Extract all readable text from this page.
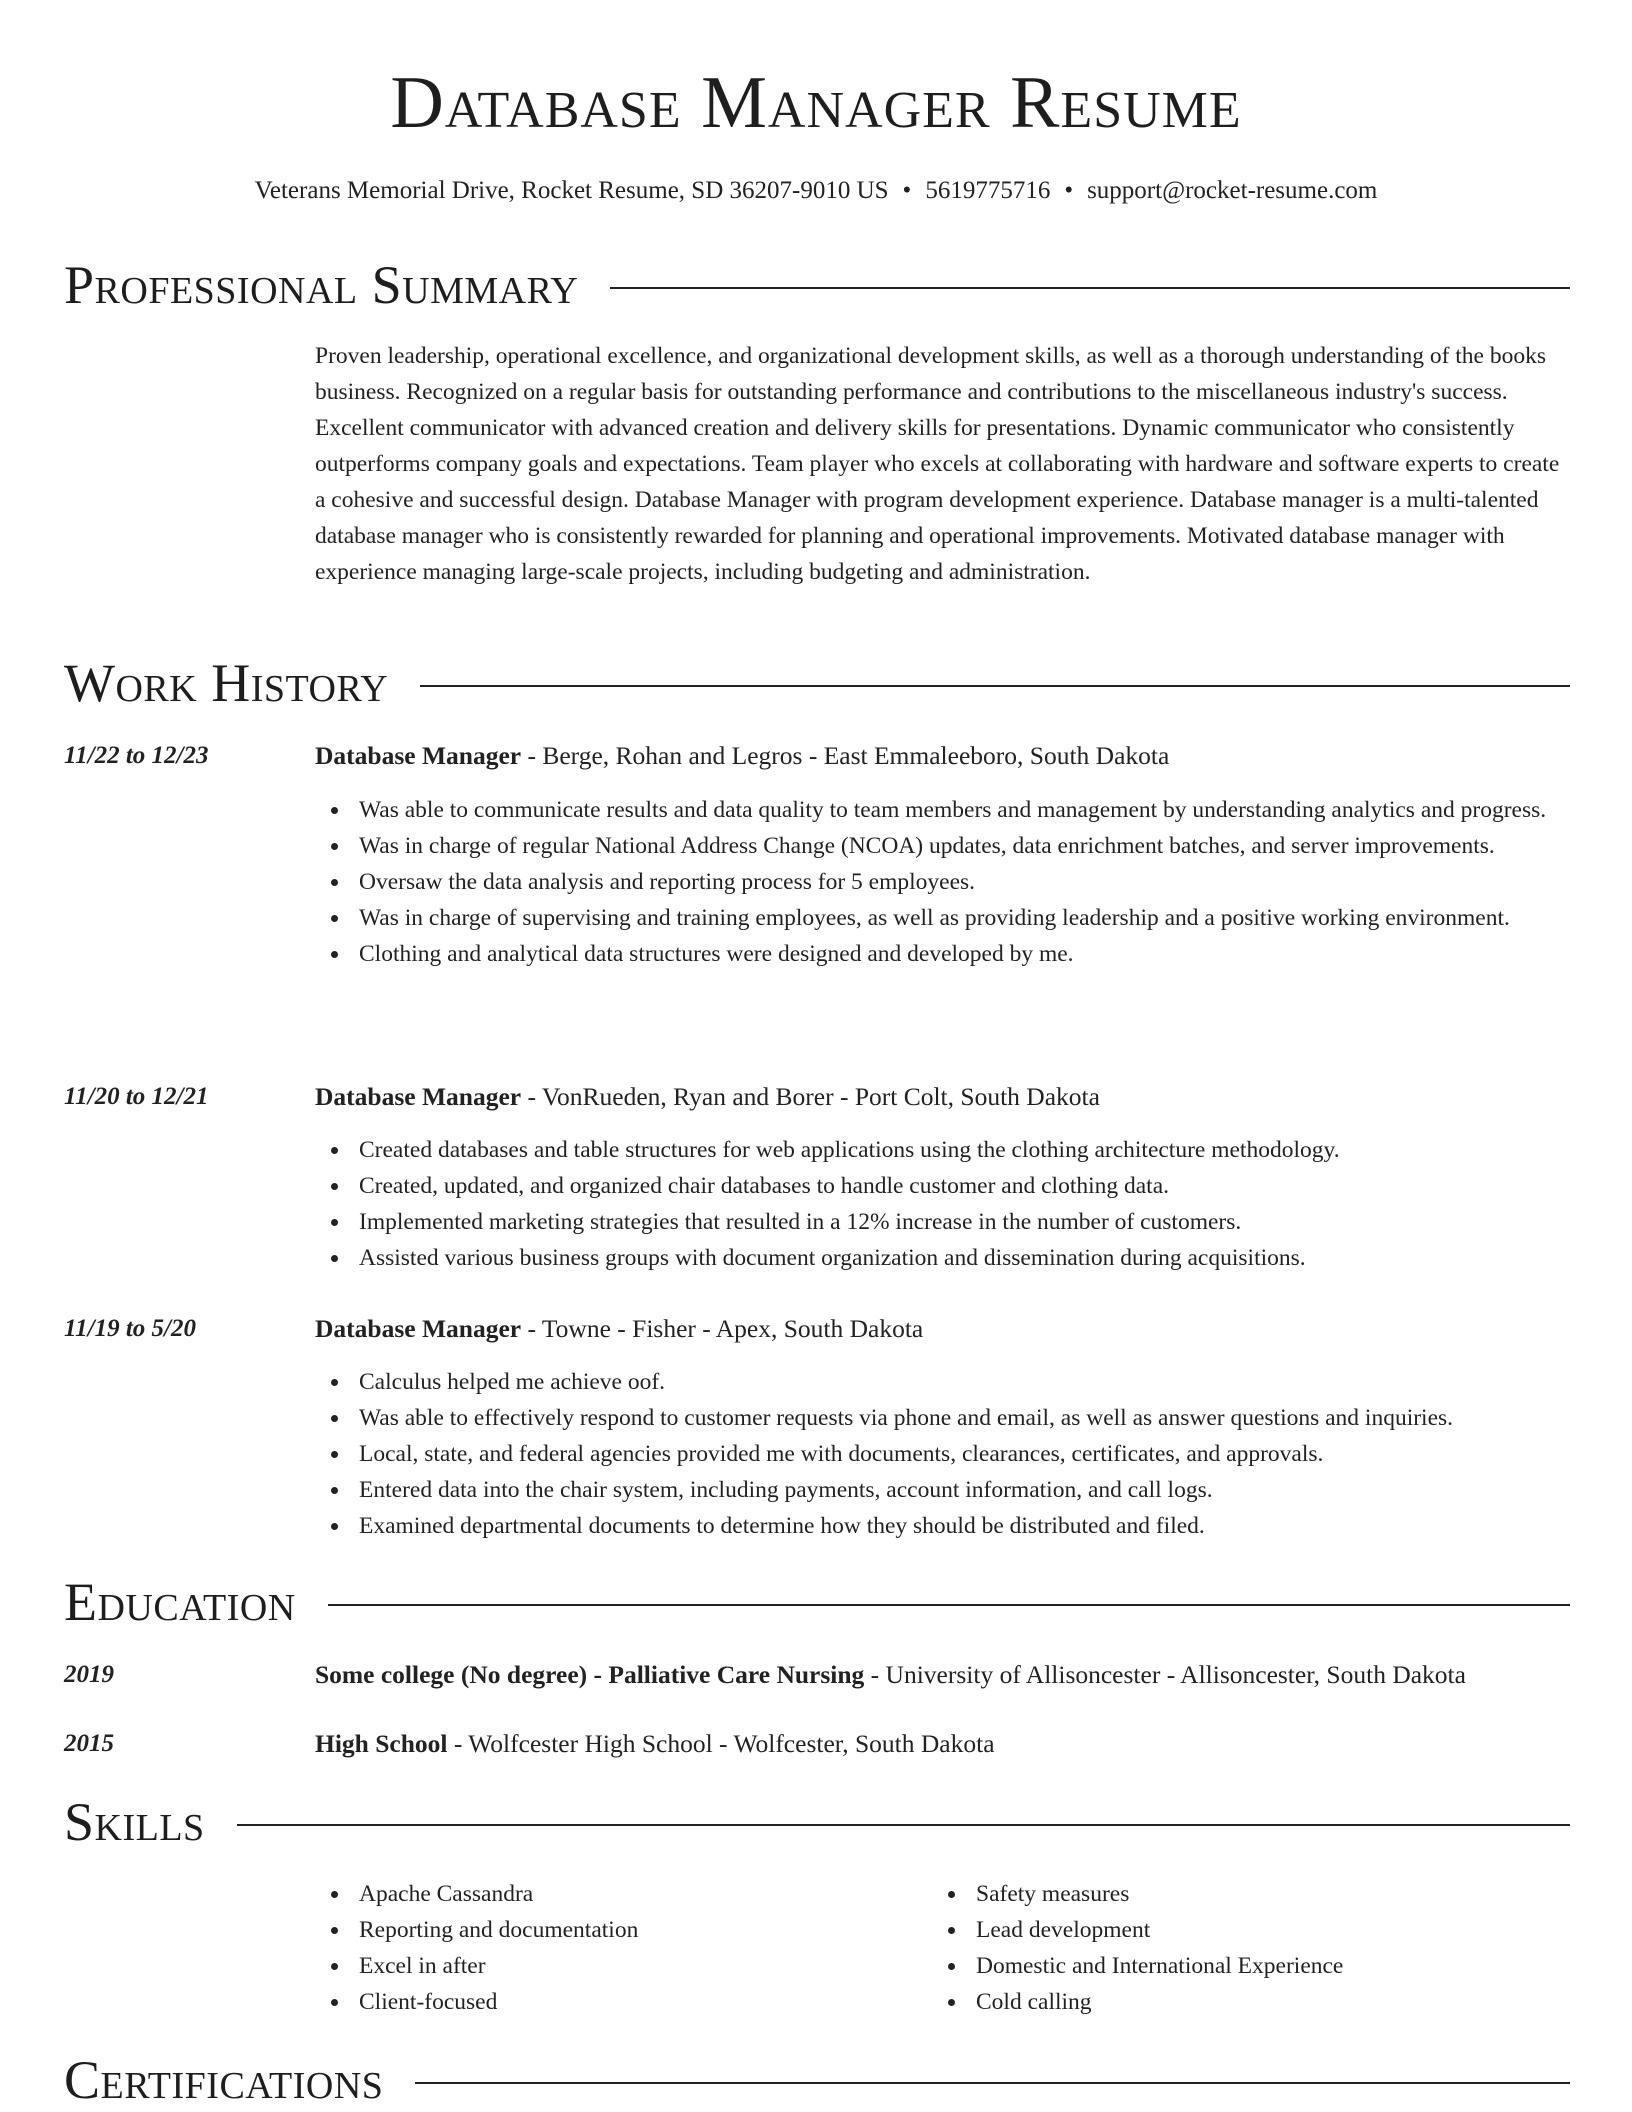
Database Manager Resume
Veterans Memorial Drive, Rocket Resume, SD 36207-9010 US • 5619775716 • support@rocket-resume.com
Professional Summary

Proven leadership, operational excellence, and organizational development skills, as well as a thorough understanding of the books business. Recognized on a regular basis for outstanding performance and contributions to the miscellaneous industry's success. Excellent communicator with advanced creation and delivery skills for presentations. Dynamic communicator who consistently outperforms company goals and expectations. Team player who excels at collaborating with hardware and software experts to create a cohesive and successful design. Database Manager with program development experience. Database manager is a multi-talented database manager who is consistently rewarded for planning and operational improvements. Motivated database manager with experience managing large-scale projects, including budgeting and administration.

Work History
11/22 to 12/23	Database Manager - Berge, Rohan and Legros - East Emmaleeboro, South Dakota
Was able to communicate results and data quality to team members and management by understanding analytics and progress.
Was in charge of regular National Address Change (NCOA) updates, data enrichment batches, and server improvements.
Oversaw the data analysis and reporting process for 5 employees.
Was in charge of supervising and training employees, as well as providing leadership and a positive working environment.
Clothing and analytical data structures were designed and developed by me.
11/20 to 12/21	Database Manager - VonRueden, Ryan and Borer - Port Colt, South Dakota
Created databases and table structures for web applications using the clothing architecture methodology.
Created, updated, and organized chair databases to handle customer and clothing data.
Implemented marketing strategies that resulted in a 12% increase in the number of customers.
Assisted various business groups with document organization and dissemination during acquisitions.
11/19 to 5/20	Database Manager - Towne - Fisher - Apex, South Dakota
Calculus helped me achieve oof.
Was able to effectively respond to customer requests via phone and email, as well as answer questions and inquiries.
Local, state, and federal agencies provided me with documents, clearances, certificates, and approvals.
Entered data into the chair system, including payments, account information, and call logs.
Examined departmental documents to determine how they should be distributed and filed.
Education
2019	Some college (No degree) - Palliative Care Nursing - University of Allisoncester - Allisoncester, South Dakota
2015	High School - Wolfcester High School - Wolfcester, South Dakota
Skills
Apache Cassandra
Reporting and documentation
Excel in after
Client-focused
Safety measures
Lead development
Domestic and International Experience
Cold calling
Certifications
